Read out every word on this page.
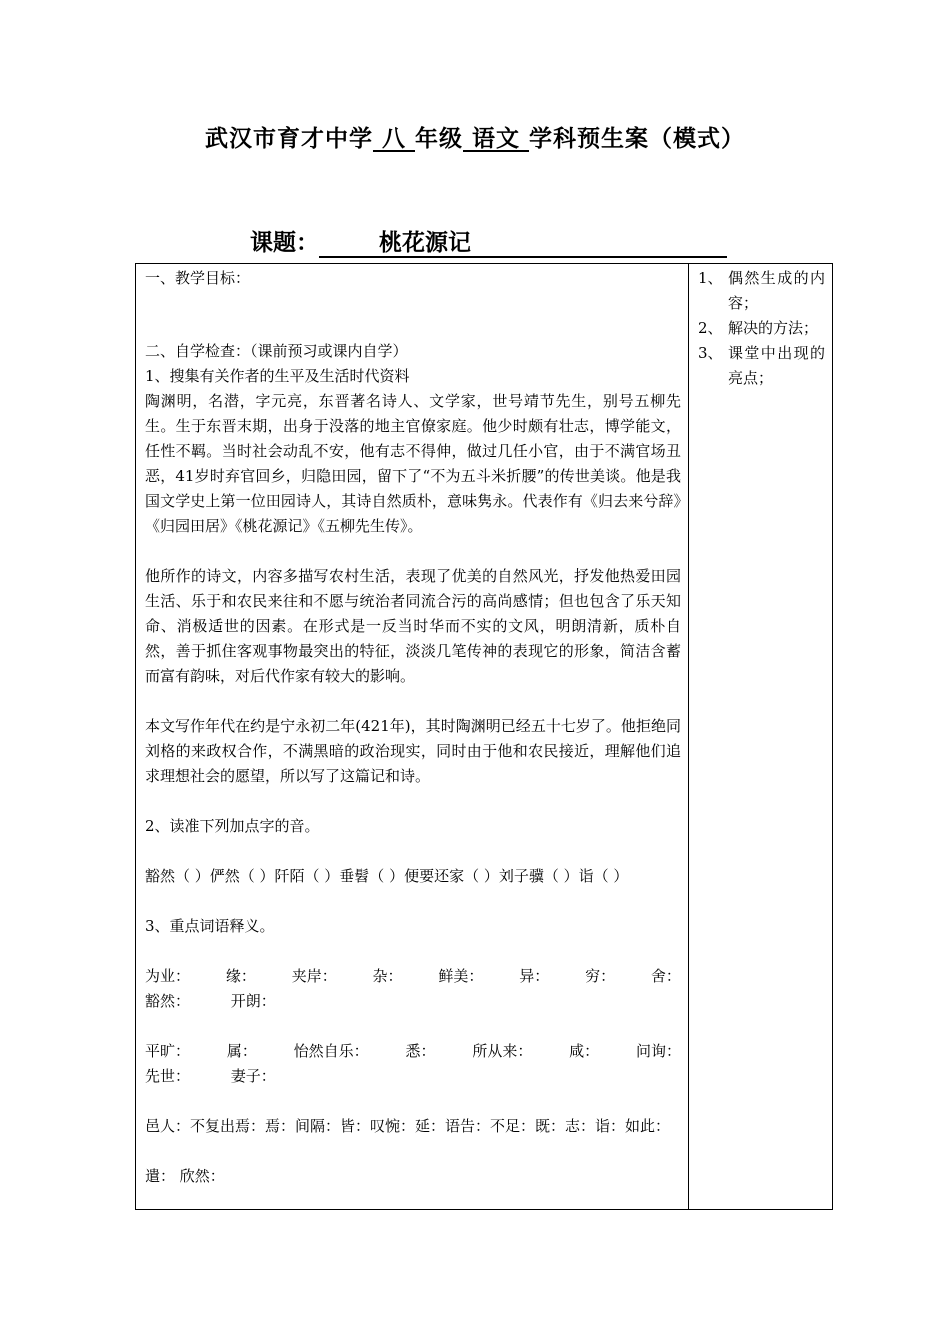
武汉市育才中学 八 年级 语文 学科预生案（模式）
课题：	桃花源记

一、教学目标：

二、自学检查：（课前预习或课内自学）

1、搜集有关作者的生平及生活时代资料

陶渊明，名潜，字元亮，东晋著名诗人、文学家，世号靖节先生，别号五柳先生。生于东晋末期，出身于没落的地主官僚家庭。他少时颇有壮志，博学能文，任性不羁。当时社会动乱不安，他有志不得伸，做过几任小官，由于不满官场丑恶，41岁时弃官回乡，归隐田园，留下了“不为五斗米折腰”的传世美谈。他是我国文学史上第一位田园诗人，其诗自然质朴，意味隽永。代表作有《归去来兮辞》《归园田居》《桃花源记》《五柳先生传》。

他所作的诗文，内容多描写农村生活，表现了优美的自然风光，抒发他热爱田园生活、乐于和农民来往和不愿与统治者同流合污的高尚感情；但也包含了乐天知命、消极适世的因素。在形式是一反当时华而不实的文风，明朗清新，质朴自然，善于抓住客观事物最突出的特征，淡淡几笔传神的表现它的形象，简洁含蓄而富有韵味，对后代作家有较大的影响。

本文写作年代在约是宁永初二年(421年)，其时陶渊明已经五十七岁了。他拒绝同刘格的来政权合作，不满黑暗的政治现实，同时由于他和农民接近，理解他们追求理想社会的愿望，所以写了这篇记和诗。

2、读准下列加点字的音。

豁然（ ）俨然（ ）阡陌（ ）垂髫（ ）便要还家（ ）刘子骥（ ）诣（ ）

3、重点词语释义。

为业： 缘： 夹岸： 杂： 鲜美： 异： 穷： 舍：
豁然：	开朗：
平旷： 属： 怡然自乐： 悉： 所从来： 咸： 问询：
先世：	妻子：

邑人：不复出焉：焉：间隔：皆：叹惋：延：语告：不足：既：志：诣：如此：

遣： 欣然：

1、 偶然生成的内容；
2、 解决的方法；
3、 课堂中出现的亮点；
